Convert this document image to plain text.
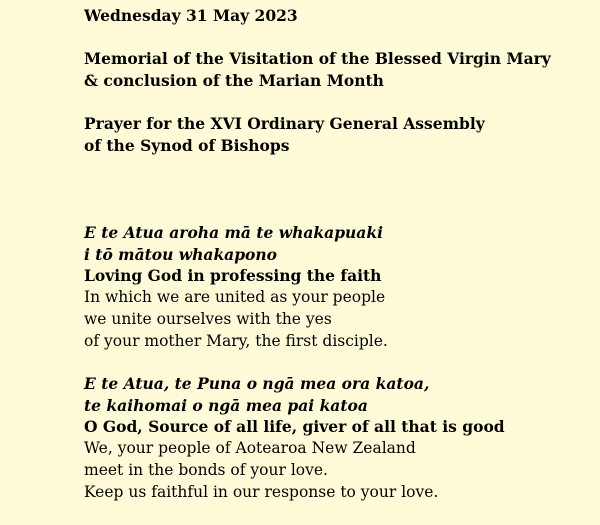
Wednesday 31 May 2023
Memorial of the Visitation of the Blessed Virgin Mary
& conclusion of the Marian Month
Prayer for the XVI Ordinary General Assembly
of the Synod of Bishops
E te Atua aroha mā te whakapuaki
i tō mātou whakapono
Loving God in professing the faith
In which we are united as your people
we unite ourselves with the yes
of your mother Mary, the first disciple.
E te Atua, te Puna o ngā mea ora katoa,
te kaihomai o ngā mea pai katoa
O God, Source of all life, giver of all that is good
We, your people of Aotearoa New Zealand
meet in the bonds of your love.
Keep us faithful in our response to your love.
